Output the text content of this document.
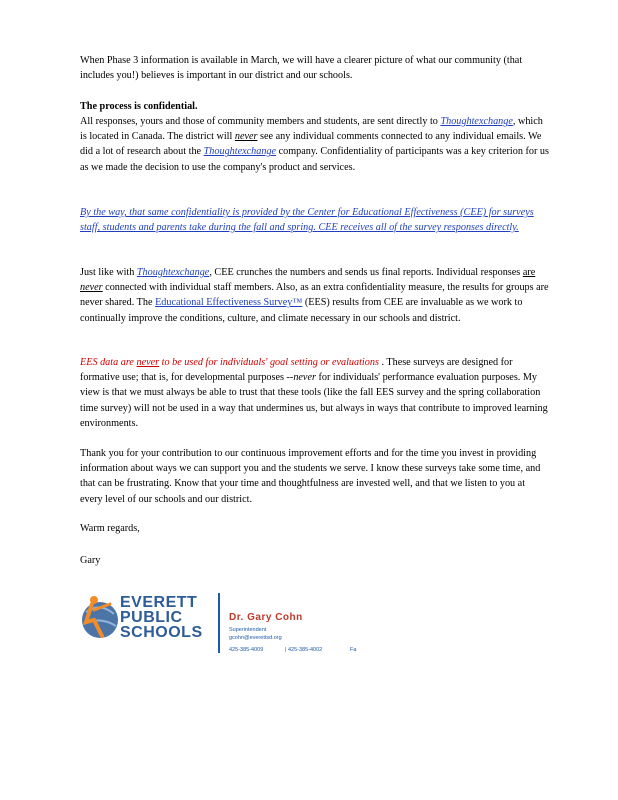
When Phase 3 information is available in March, we will have a clearer picture of what our community (that includes you!) believes is important in our district and our schools.

The process is confidential.

All responses, yours and those of community members and students, are sent directly to Thoughtexchange, which is located in Canada. The district will never see any individual comments connected to any individual emails. We did a lot of research about the Thoughtexchange company. Confidentiality of participants was a key criterion for us as we made the decision to use the company's product and services.

By the way, that same confidentiality is provided by the Center for Educational Effectiveness (CEE) for surveys staff, students and parents take during the fall and spring. CEE receives all of the survey responses directly.

Just like with Thoughtexchange, CEE crunches the numbers and sends us final reports. Individual responses are never connected with individual staff members. Also, as an extra confidentiality measure, the results for groups are never shared. The Educational Effectiveness Survey™ (EES) results from CEE are invaluable as we work to continually improve the conditions, culture, and climate necessary in our schools and district.

EES data are never to be used for individuals' goal setting or evaluations . These surveys are designed for formative use; that is, for developmental purposes --never for individuals' performance evaluation purposes. My view is that we must always be able to trust that these tools (like the fall EES survey and the spring collaboration time survey) will not be used in a way that undermines us, but always in ways that contribute to improved learning environments.

Thank you for your contribution to our continuous improvement efforts and for the time you invest in providing information about ways we can support you and the students we serve. I know these surveys take some time, and that can be frustrating. Know that your time and thoughtfulness are invested well, and that we listen to you at every level of our schools and our district.

Warm regards,

Gary

EVERETT
PUBLIC
SCHOOLS
Dr. Gary Cohn
Superintendent
gcohn@everettsd.org
425-385-4009	| 425-385-4002	Fa
